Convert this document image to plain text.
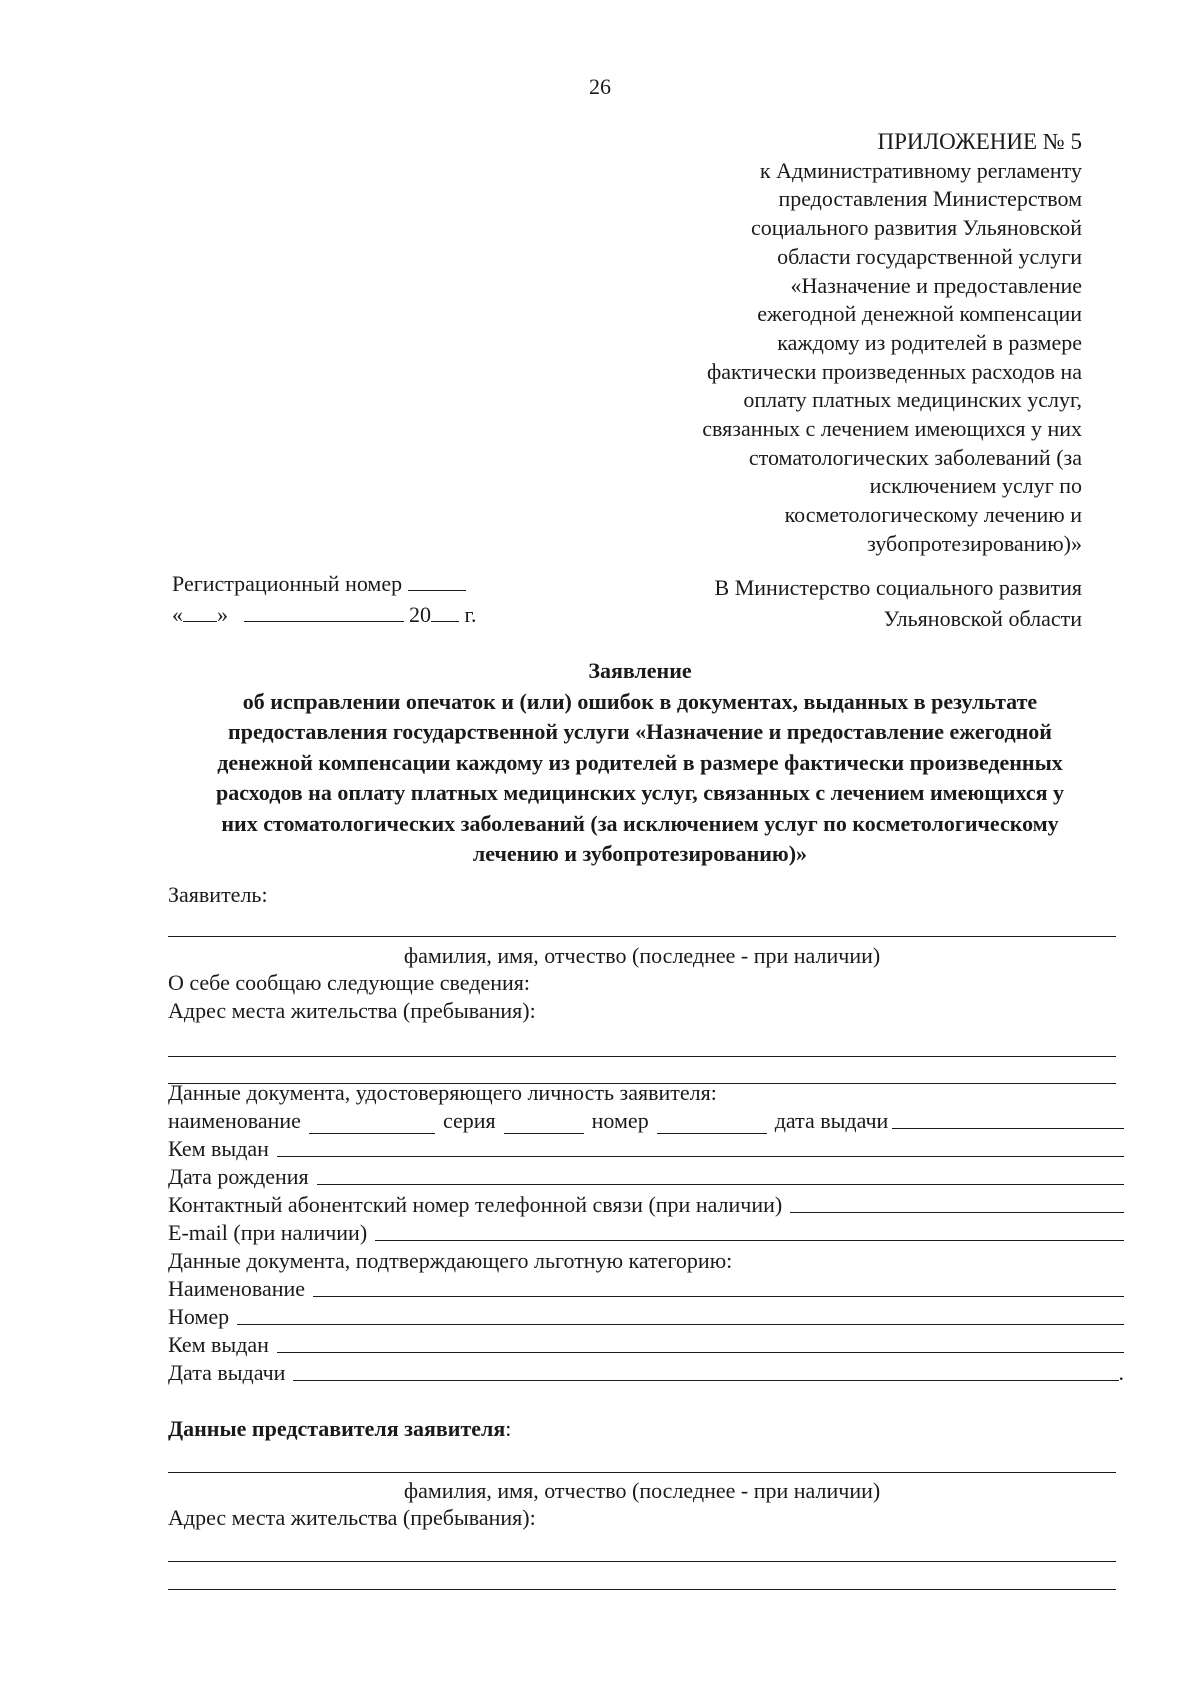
26
ПРИЛОЖЕНИЕ № 5
к Административному регламенту
предоставления Министерством
социального развития Ульяновской
области государственной услуги
«Назначение и предоставление
ежегодной денежной компенсации
каждому из родителей в размере
фактически произведенных расходов на
оплату платных медицинских услуг,
связанных с лечением имеющихся у них
стоматологических заболеваний (за
исключением услуг по
косметологическому лечению и
зубопротезированию)»
Регистрационный номер
« »	20 г.
В Министерство социального развития
Ульяновской области
Заявление
об исправлении опечаток и (или) ошибок в документах, выданных в результате
предоставления государственной услуги «Назначение и предоставление ежегодной
денежной компенсации каждому из родителей в размере фактически произведенных
расходов на оплату платных медицинских услуг, связанных с лечением имеющихся у
них стоматологических заболеваний (за исключением услуг по косметологическому
лечению и зубопротезированию)»
Заявитель:
фамилия, имя, отчество (последнее - при наличии)
О себе сообщаю следующие сведения:
Адрес места жительства (пребывания):
Данные документа, удостоверяющего личность заявителя:
наименование	серия	номер	дата выдачи
Кем выдан
Дата рождения
Контактный абонентский номер телефонной связи (при наличии)
E-mail (при наличии)
Данные документа, подтверждающего льготную категорию:
Наименование
Номер
Кем выдан
Дата выдачи	.
Данные представителя заявителя:
фамилия, имя, отчество (последнее - при наличии)
Адрес места жительства (пребывания):
